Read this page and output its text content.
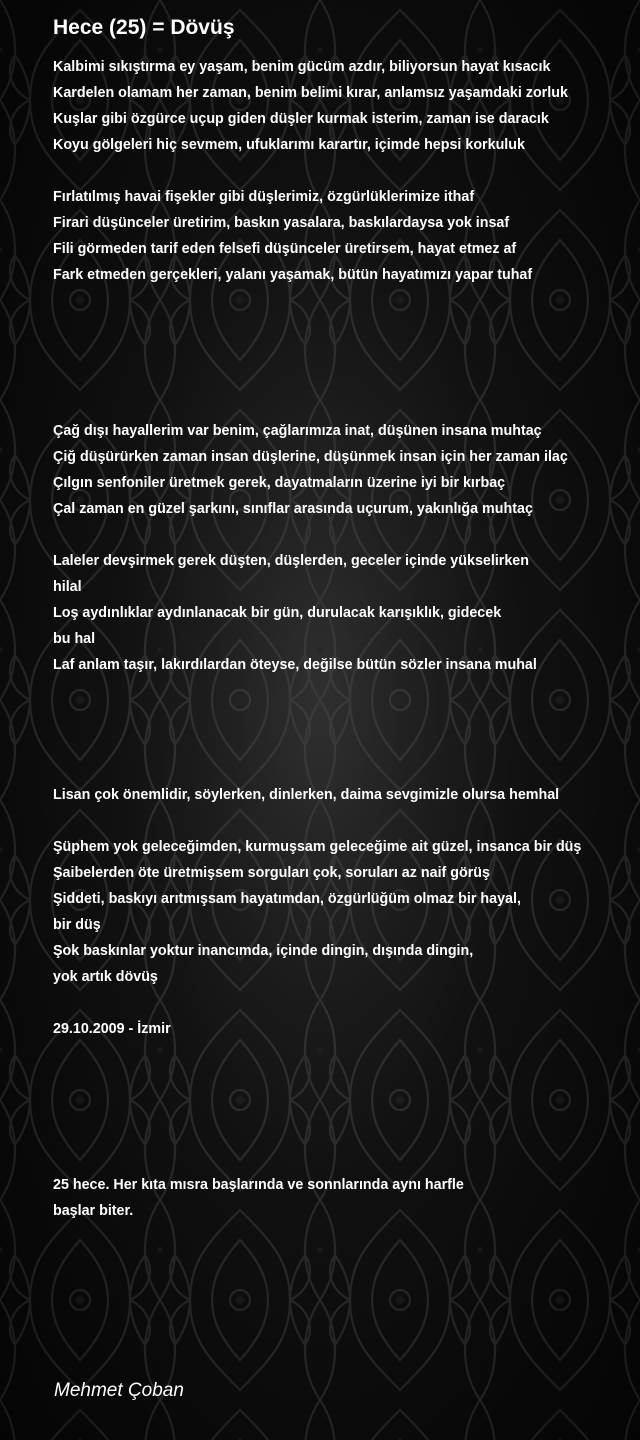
Hece (25) = Dövüş
Kalbimi sıkıştırma ey yaşam, benim gücüm azdır, biliyorsun hayat kısacık
Kardelen olamam her zaman, benim belimi kırar, anlamsız yaşamdaki zorluk
Kuşlar gibi özgürce uçup giden düşler kurmak isterim, zaman ise daracık
Koyu gölgeleri hiç sevmem, ufuklarımı karartır, içimde hepsi korkuluk
Fırlatılmış havai fişekler gibi düşlerimiz, özgürlüklerimize ithaf
Firari düşünceler üretirim, baskın yasalara, baskılardaysa yok insaf
Fili görmeden tarif eden felsefi düşünceler üretirsem, hayat etmez af
Fark etmeden gerçekleri, yalanı yaşamak, bütün hayatımızı yapar tuhaf
Çağ dışı hayallerim var benim, çağlarımıza inat, düşünen insana muhtaç
Çiğ düşürürken zaman insan düşlerine, düşünmek insan için her zaman ilaç
Çılgın senfoniler üretmek gerek, dayatmaların üzerine iyi bir kırbaç
Çal zaman en güzel şarkını, sınıflar arasında uçurum, yakınlığa muhtaç
Laleler devşirmek gerek düşten, düşlerden, geceler içinde yükselirken
hilal
Loş aydınlıklar aydınlanacak bir gün, durulacak karışıklık, gidecek
bu hal
Laf anlam taşır, lakırdılardan öteyse, değilse bütün sözler insana muhal
Lisan çok önemlidir, söylerken, dinlerken, daima sevgimizle olursa hemhal
Şüphem yok geleceğimden, kurmuşsam geleceğime ait güzel, insanca bir düş
Şaibelerden öte üretmişsem sorguları çok, soruları az naif görüş
Şiddeti, baskıyı arıtmışsam hayatımdan, özgürlüğüm olmaz bir hayal,
bir düş
Şok baskınlar yoktur inancımda, içinde dingin, dışında dingin,
yok artık dövüş
29.10.2009 - İzmir
25 hece. Her kıta mısra başlarında ve sonnlarında aynı harfle
başlar biter.
Mehmet Çoban
